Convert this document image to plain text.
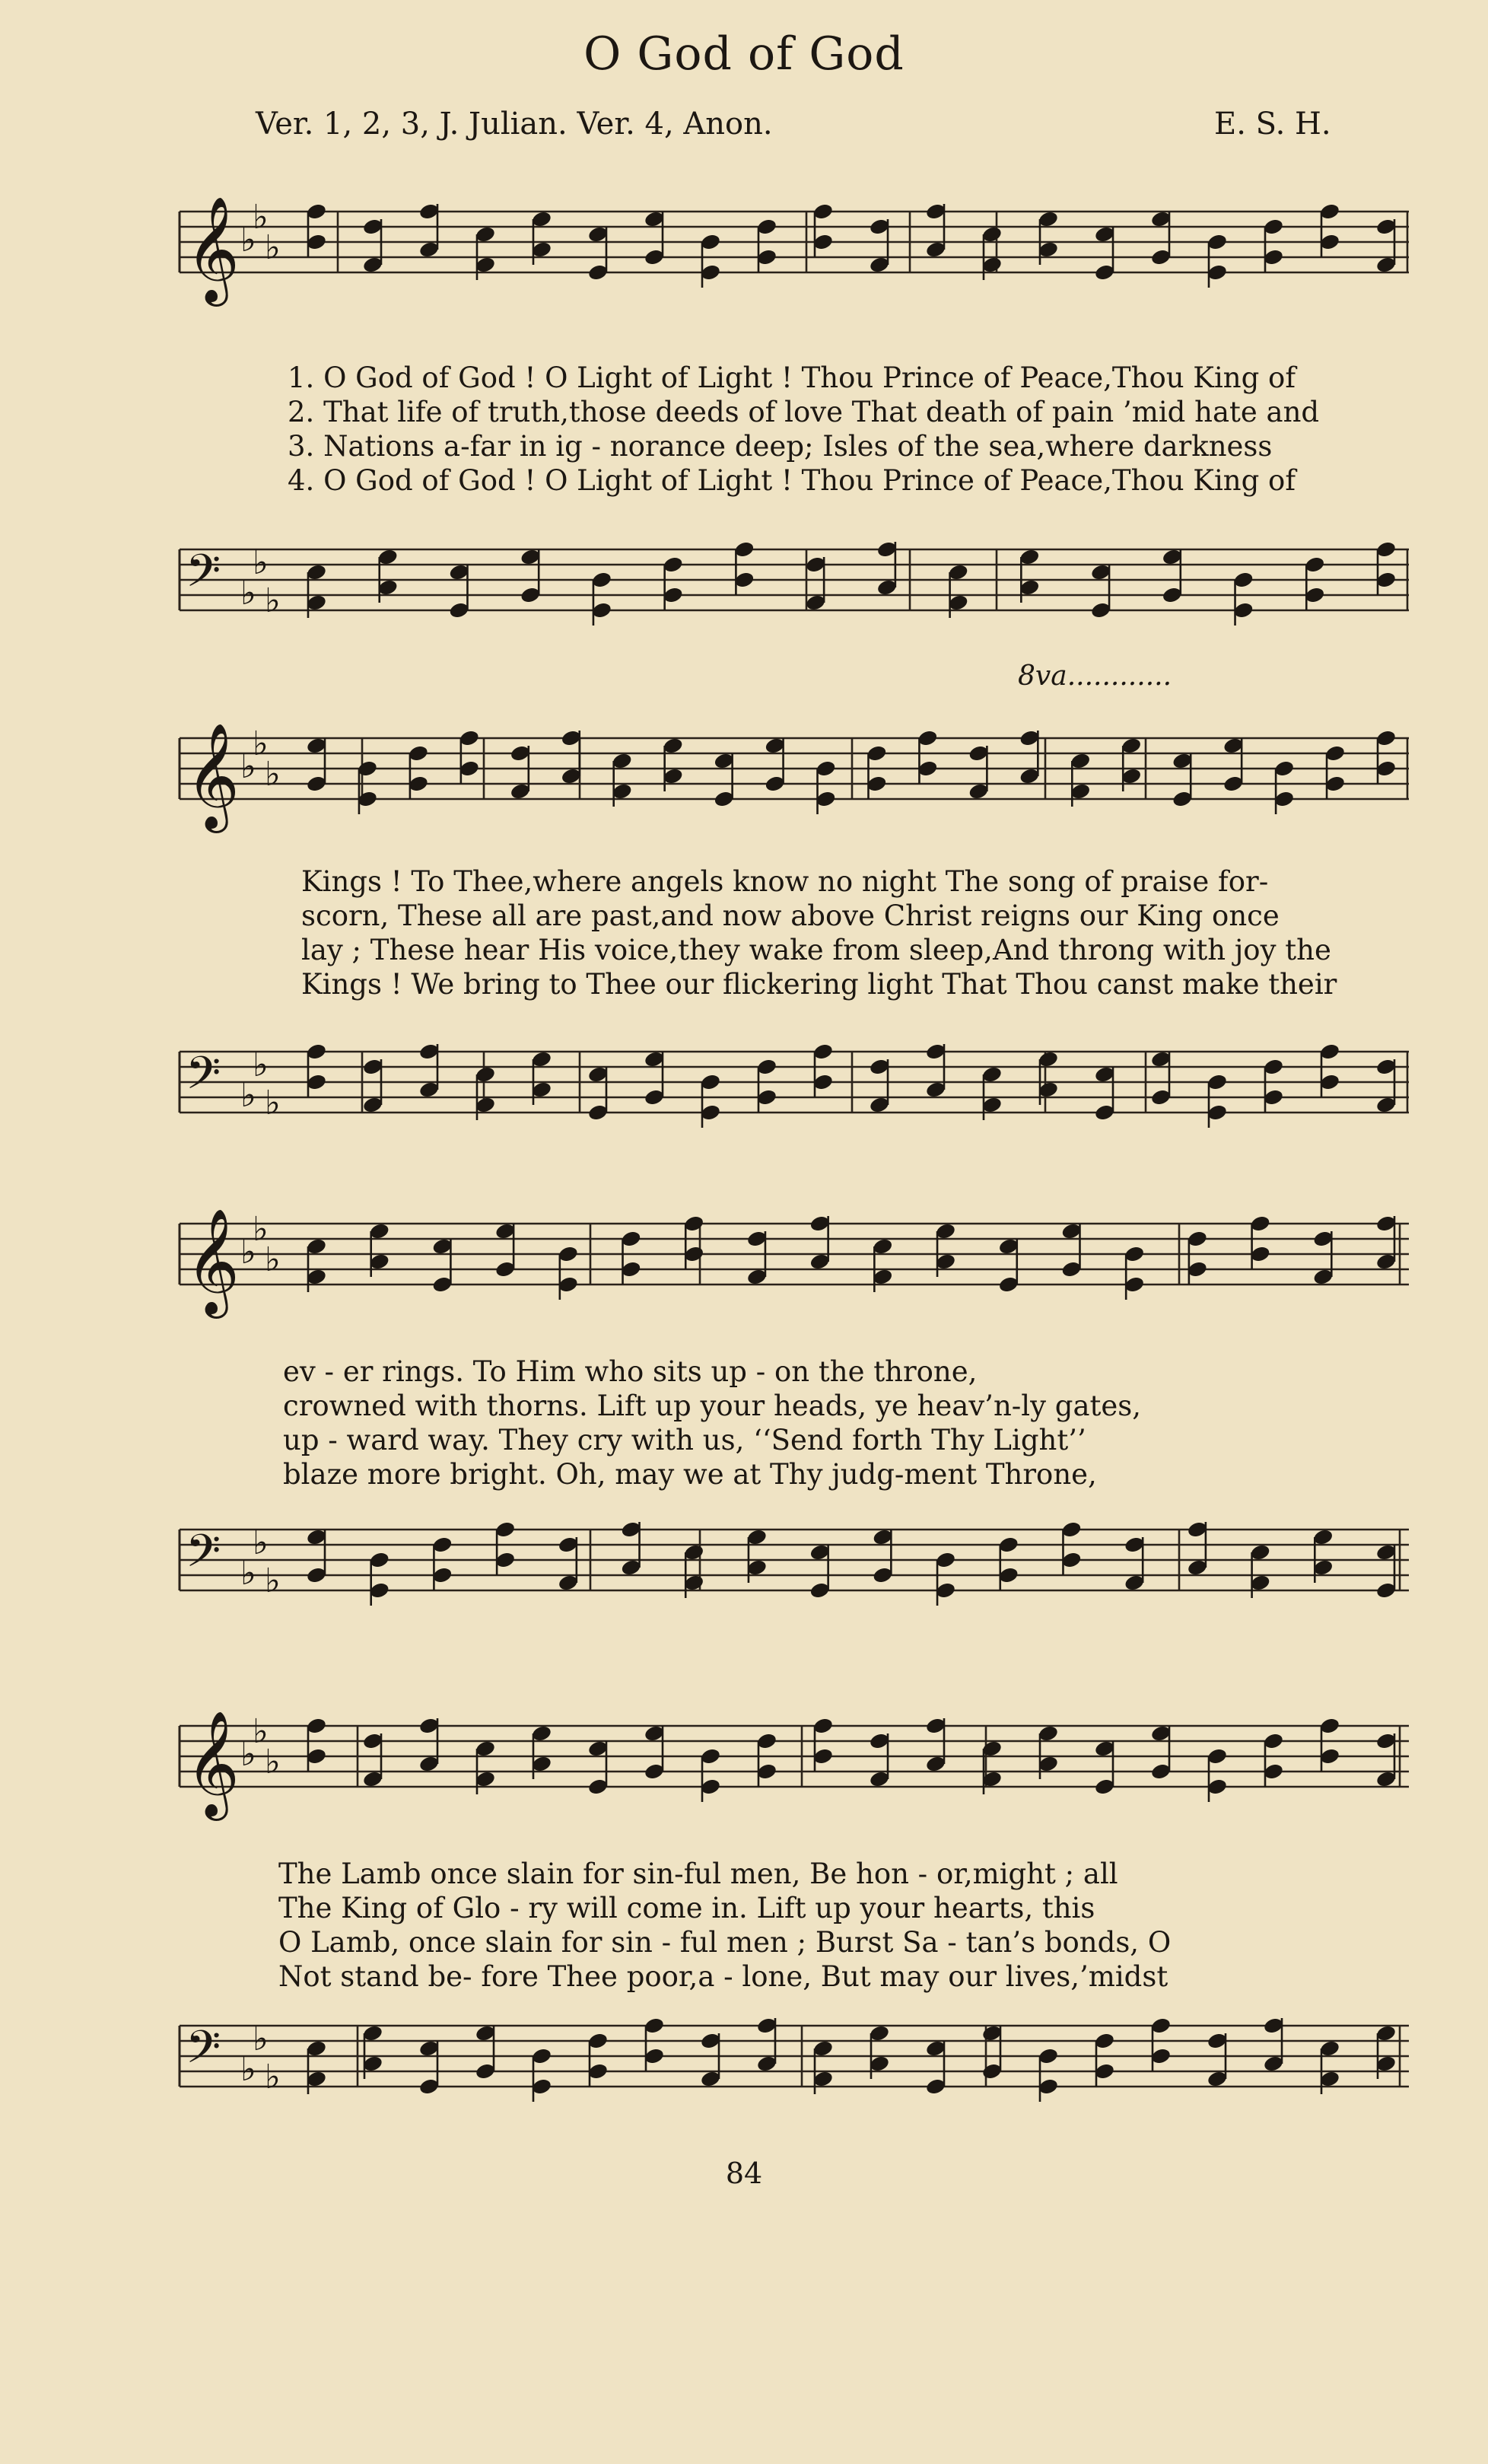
O God of God
Ver. 1, 2, 3, J. Julian. Ver. 4, Anon.	E. S. H.
𝄞 ♭
♭
♭
1. O God of God ! O Light of Light ! Thou Prince of Peace,Thou King of
2. That life of truth,those deeds of love That death of pain ’mid hate and
3. Nations a-far in ig - norance deep; Isles of the sea,where darkness
4. O God of God ! O Light of Light ! Thou Prince of Peace,Thou King of
𝄢 ♭
♭
♭
8va............
𝄞 ♭
♭
♭
Kings ! To Thee,where angels know no night The song of praise for-
scorn, These all are past,and now above Christ reigns our King once
lay ; These hear His voice,they wake from sleep,And throng with joy the
Kings ! We bring to Thee our flickering light That Thou canst make their
𝄢 ♭
♭
♭
𝄞 ♭
♭
♭
ev - er rings. To Him who sits up - on the throne,
crowned with thorns. Lift up your heads, ye heav’n-ly gates,
up - ward way. They cry with us, ‘‘Send forth Thy Light’’
blaze more bright. Oh, may we at Thy judg-ment Throne,
𝄢 ♭
♭
♭
𝄞 ♭
♭
♭
The Lamb once slain for sin-ful men, Be hon - or,might ; all
The King of Glo - ry will come in. Lift up your hearts, this
O Lamb, once slain for sin - ful men ; Burst Sa - tan’s bonds, O
Not stand be- fore Thee poor,a - lone, But may our lives,’midst
𝄢 ♭
♭
♭
84
